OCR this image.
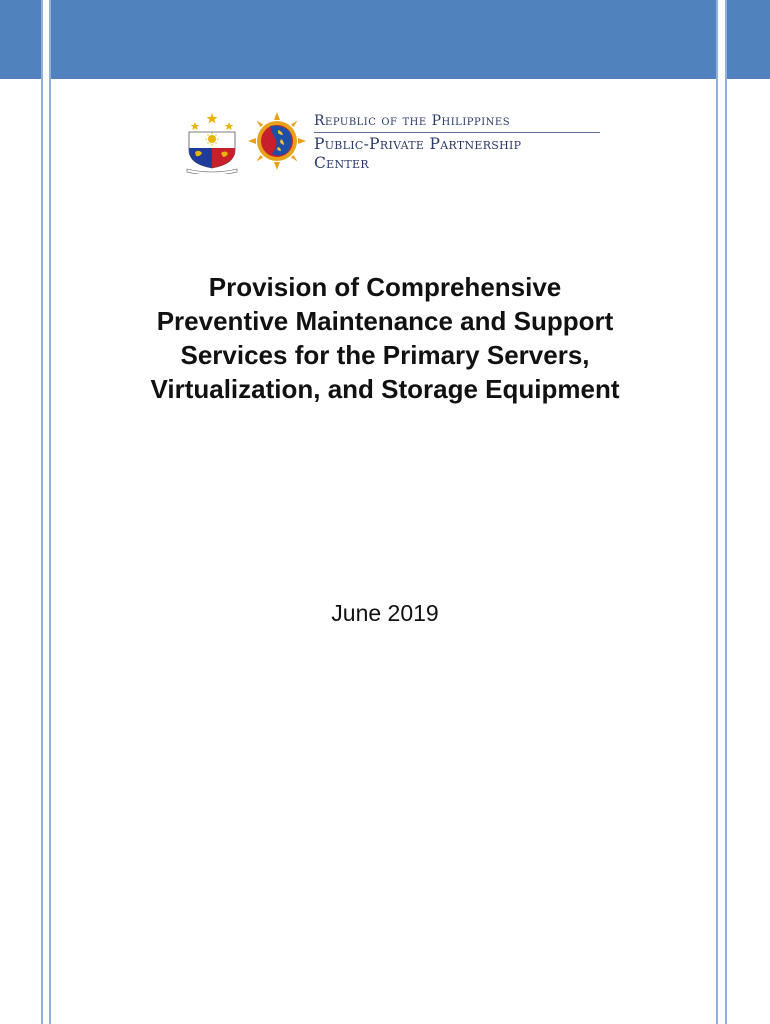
Republic of the Philippines
Public-Private Partnership
Center
Provision of Comprehensive
Preventive Maintenance and Support
Services for the Primary Servers,
Virtualization, and Storage Equipment
June 2019
